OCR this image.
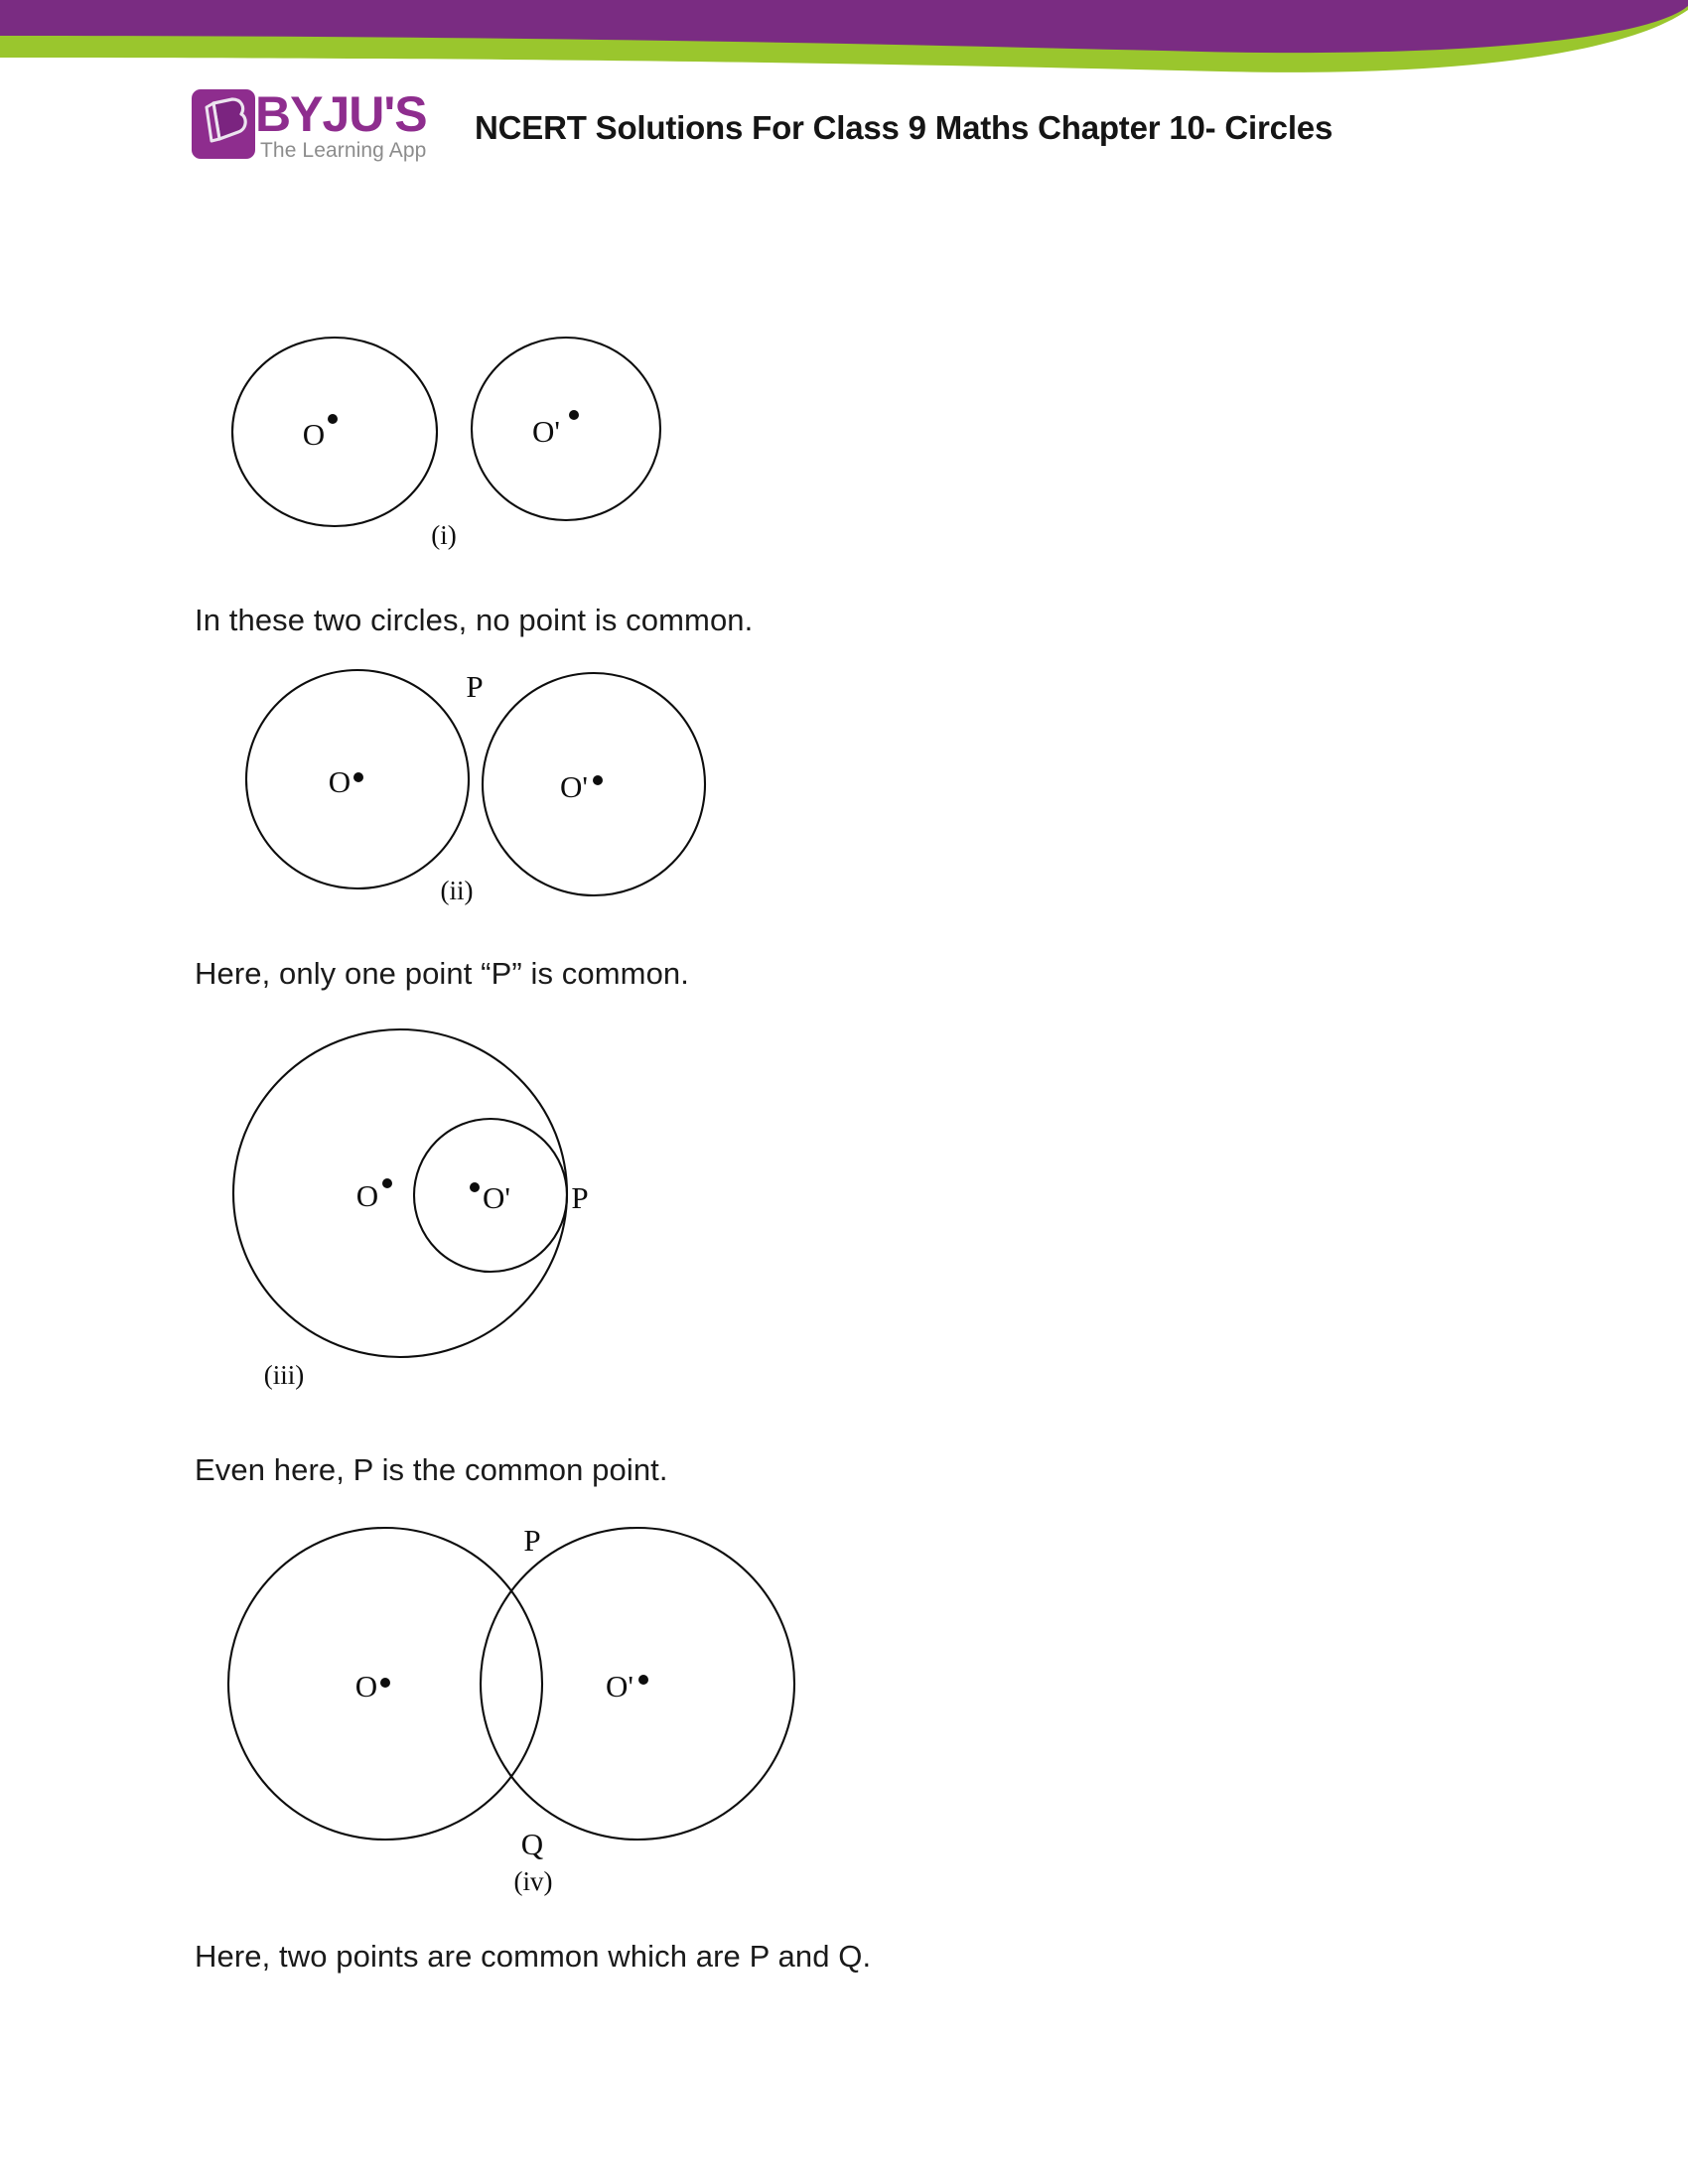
BYJU'S
The Learning App
NCERT Solutions For Class 9 Maths Chapter 10- Circles
O	O'
(i)

In these two circles, no point is common.

O	O'
P
(ii)

Here, only one point “P” is common.

O	O' P
(iii)

Even here, P is the common point.

O	O'
P
Q
(iv)

Here, two points are common which are P and Q.
